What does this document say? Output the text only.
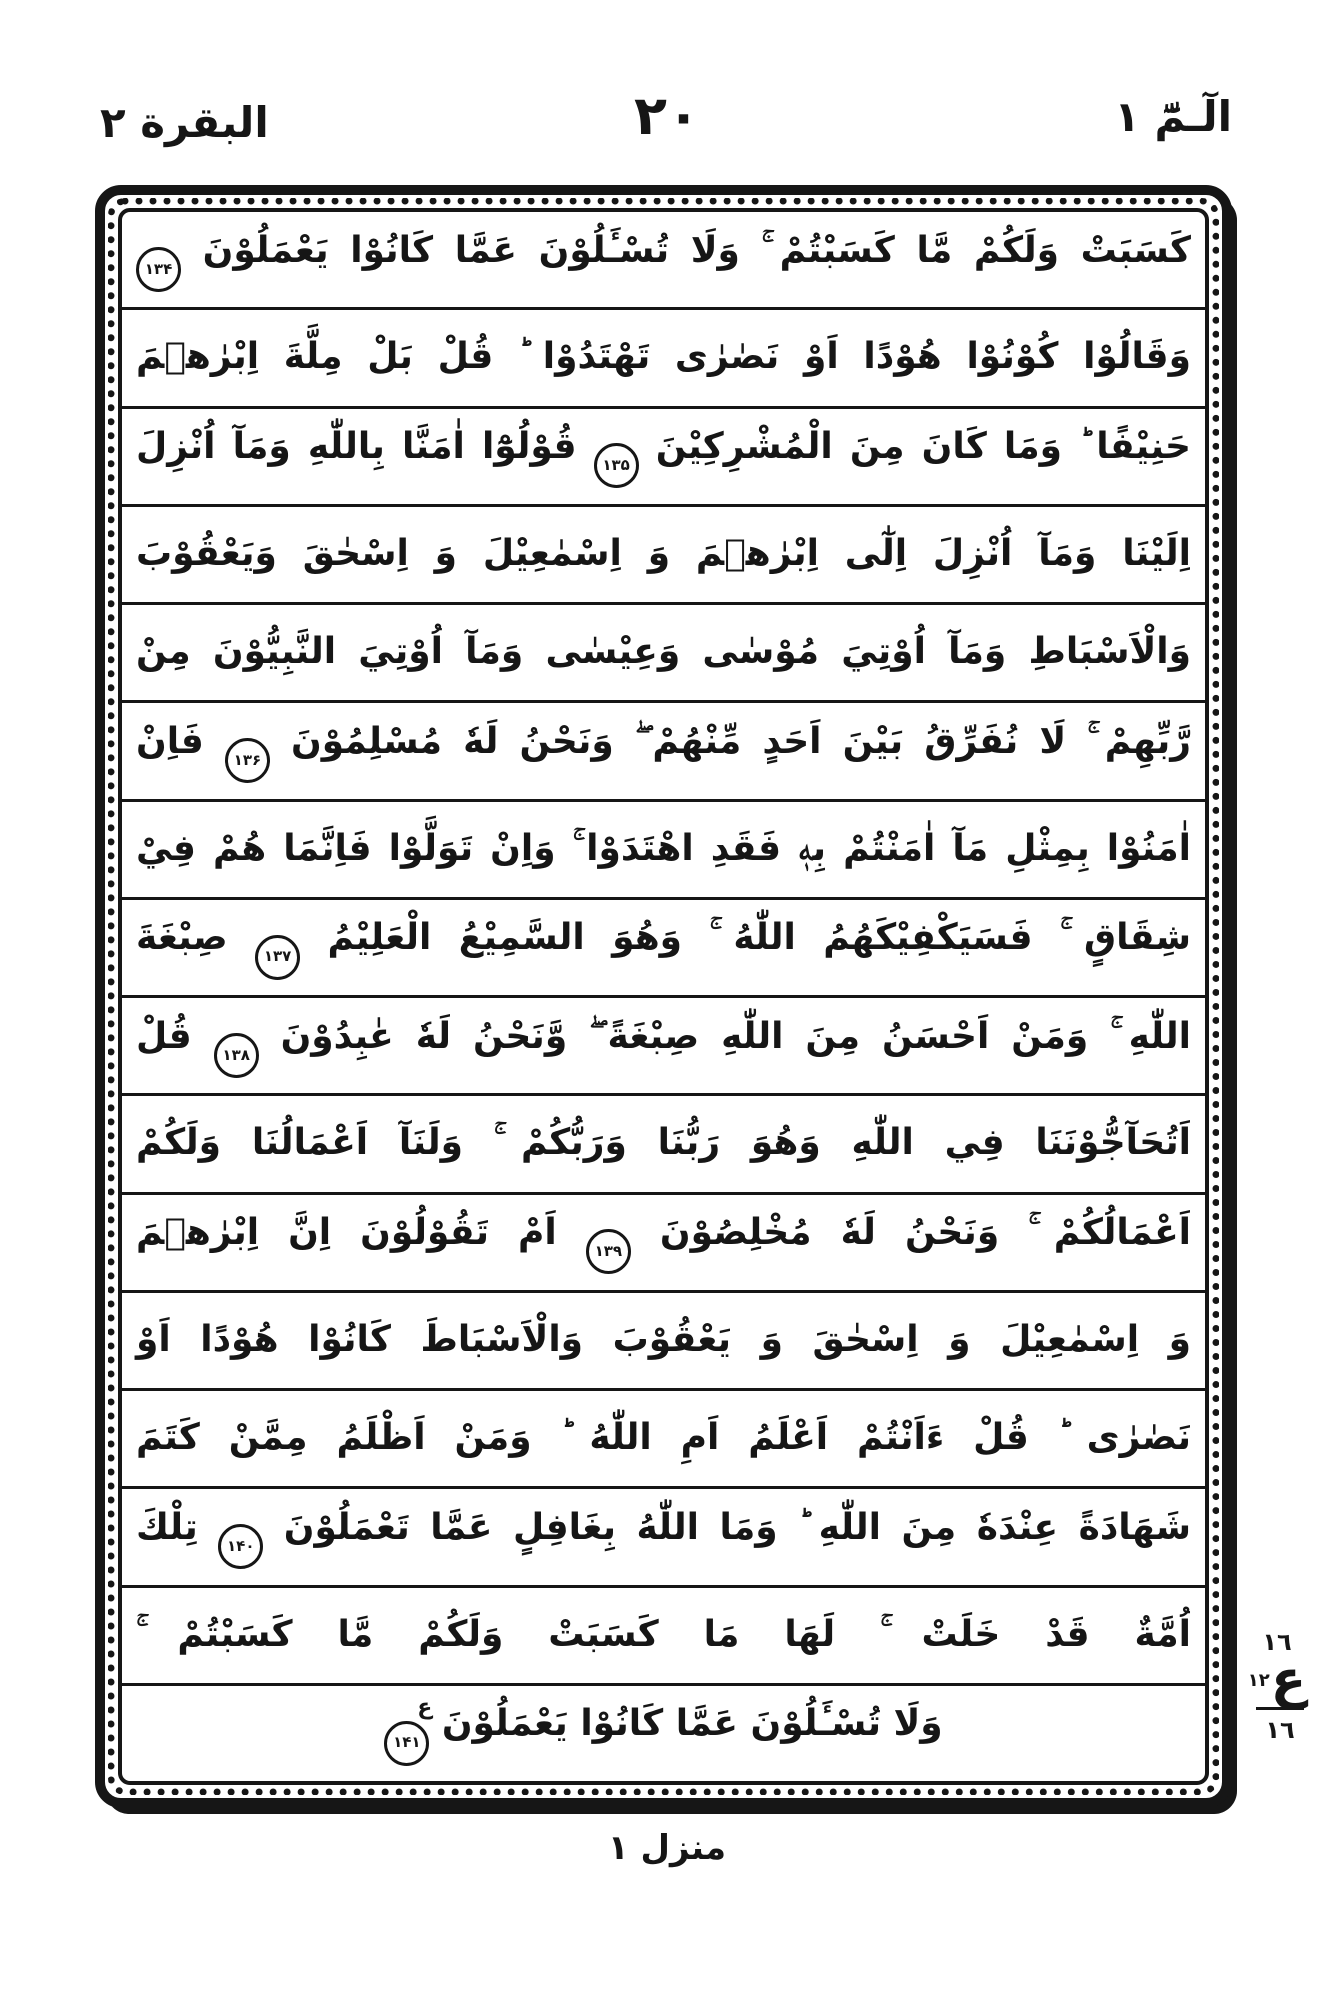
البقرة ٢	٢٠	الٓـمّٓ ١
كَسَبَتْ وَلَكُمْ مَّا كَسَبْتُمْ ۚ وَلَا تُسْـَٔلُوْنَ عَمَّا كَانُوْا يَعْمَلُوْنَ ۱۳۴
وَقَالُوْا كُوْنُوْا هُوْدًا اَوْ نَصٰرٰى تَهْتَدُوْا ؕ قُلْ بَلْ مِلَّةَ اِبْرٰهٖمَ
حَنِيْفًا ؕ وَمَا كَانَ مِنَ الْمُشْرِكِيْنَ ۱۳۵ قُوْلُوْٓا اٰمَنَّا بِاللّٰهِ وَمَآ اُنْزِلَ
اِلَيْنَا وَمَآ اُنْزِلَ اِلٰٓى اِبْرٰهٖمَ وَ اِسْمٰعِيْلَ وَ اِسْحٰقَ وَيَعْقُوْبَ
وَالْاَسْبَاطِ وَمَآ اُوْتِيَ مُوْسٰى وَعِيْسٰى وَمَآ اُوْتِيَ النَّبِيُّوْنَ مِنْ
رَّبِّهِمْ ۚ لَا نُفَرِّقُ بَيْنَ اَحَدٍ مِّنْهُمْ ۖ وَنَحْنُ لَهٗ مُسْلِمُوْنَ ۱۳۶ فَاِنْ
اٰمَنُوْا بِمِثْلِ مَآ اٰمَنْتُمْ بِهٖ فَقَدِ اهْتَدَوْا ۚ وَاِنْ تَوَلَّوْا فَاِنَّمَا هُمْ فِيْ
شِقَاقٍ ۚ فَسَيَكْفِيْكَهُمُ اللّٰهُ ۚ وَهُوَ السَّمِيْعُ الْعَلِيْمُ ۱۳۷ صِبْغَةَ
اللّٰهِ ۚ وَمَنْ اَحْسَنُ مِنَ اللّٰهِ صِبْغَةً ۖ وَّنَحْنُ لَهٗ عٰبِدُوْنَ ۱۳۸ قُلْ
اَتُحَآجُّوْنَنَا فِي اللّٰهِ وَهُوَ رَبُّنَا وَرَبُّكُمْ ۚ وَلَنَآ اَعْمَالُنَا وَلَكُمْ
اَعْمَالُكُمْ ۚ وَنَحْنُ لَهٗ مُخْلِصُوْنَ ۱۳۹ اَمْ تَقُوْلُوْنَ اِنَّ اِبْرٰهٖمَ
وَ اِسْمٰعِيْلَ وَ اِسْحٰقَ وَ يَعْقُوْبَ وَالْاَسْبَاطَ كَانُوْا هُوْدًا اَوْ
نَصٰرٰى ؕ قُلْ ءَاَنْتُمْ اَعْلَمُ اَمِ اللّٰهُ ؕ وَمَنْ اَظْلَمُ مِمَّنْ كَتَمَ
شَهَادَةً عِنْدَهٗ مِنَ اللّٰهِ ؕ وَمَا اللّٰهُ بِغَافِلٍ عَمَّا تَعْمَلُوْنَ ۱۴۰ تِلْكَ
اُمَّةٌ قَدْ خَلَتْ ۚ لَهَا مَا كَسَبَتْ وَلَكُمْ مَّا كَسَبْتُمْ ۚ
وَلَا تُسْـَٔلُوْنَ عَمَّا كَانُوْا يَعْمَلُوْنَ ۱۴۱
ع
١٦
ع
١٢
١٦
منزل ١
